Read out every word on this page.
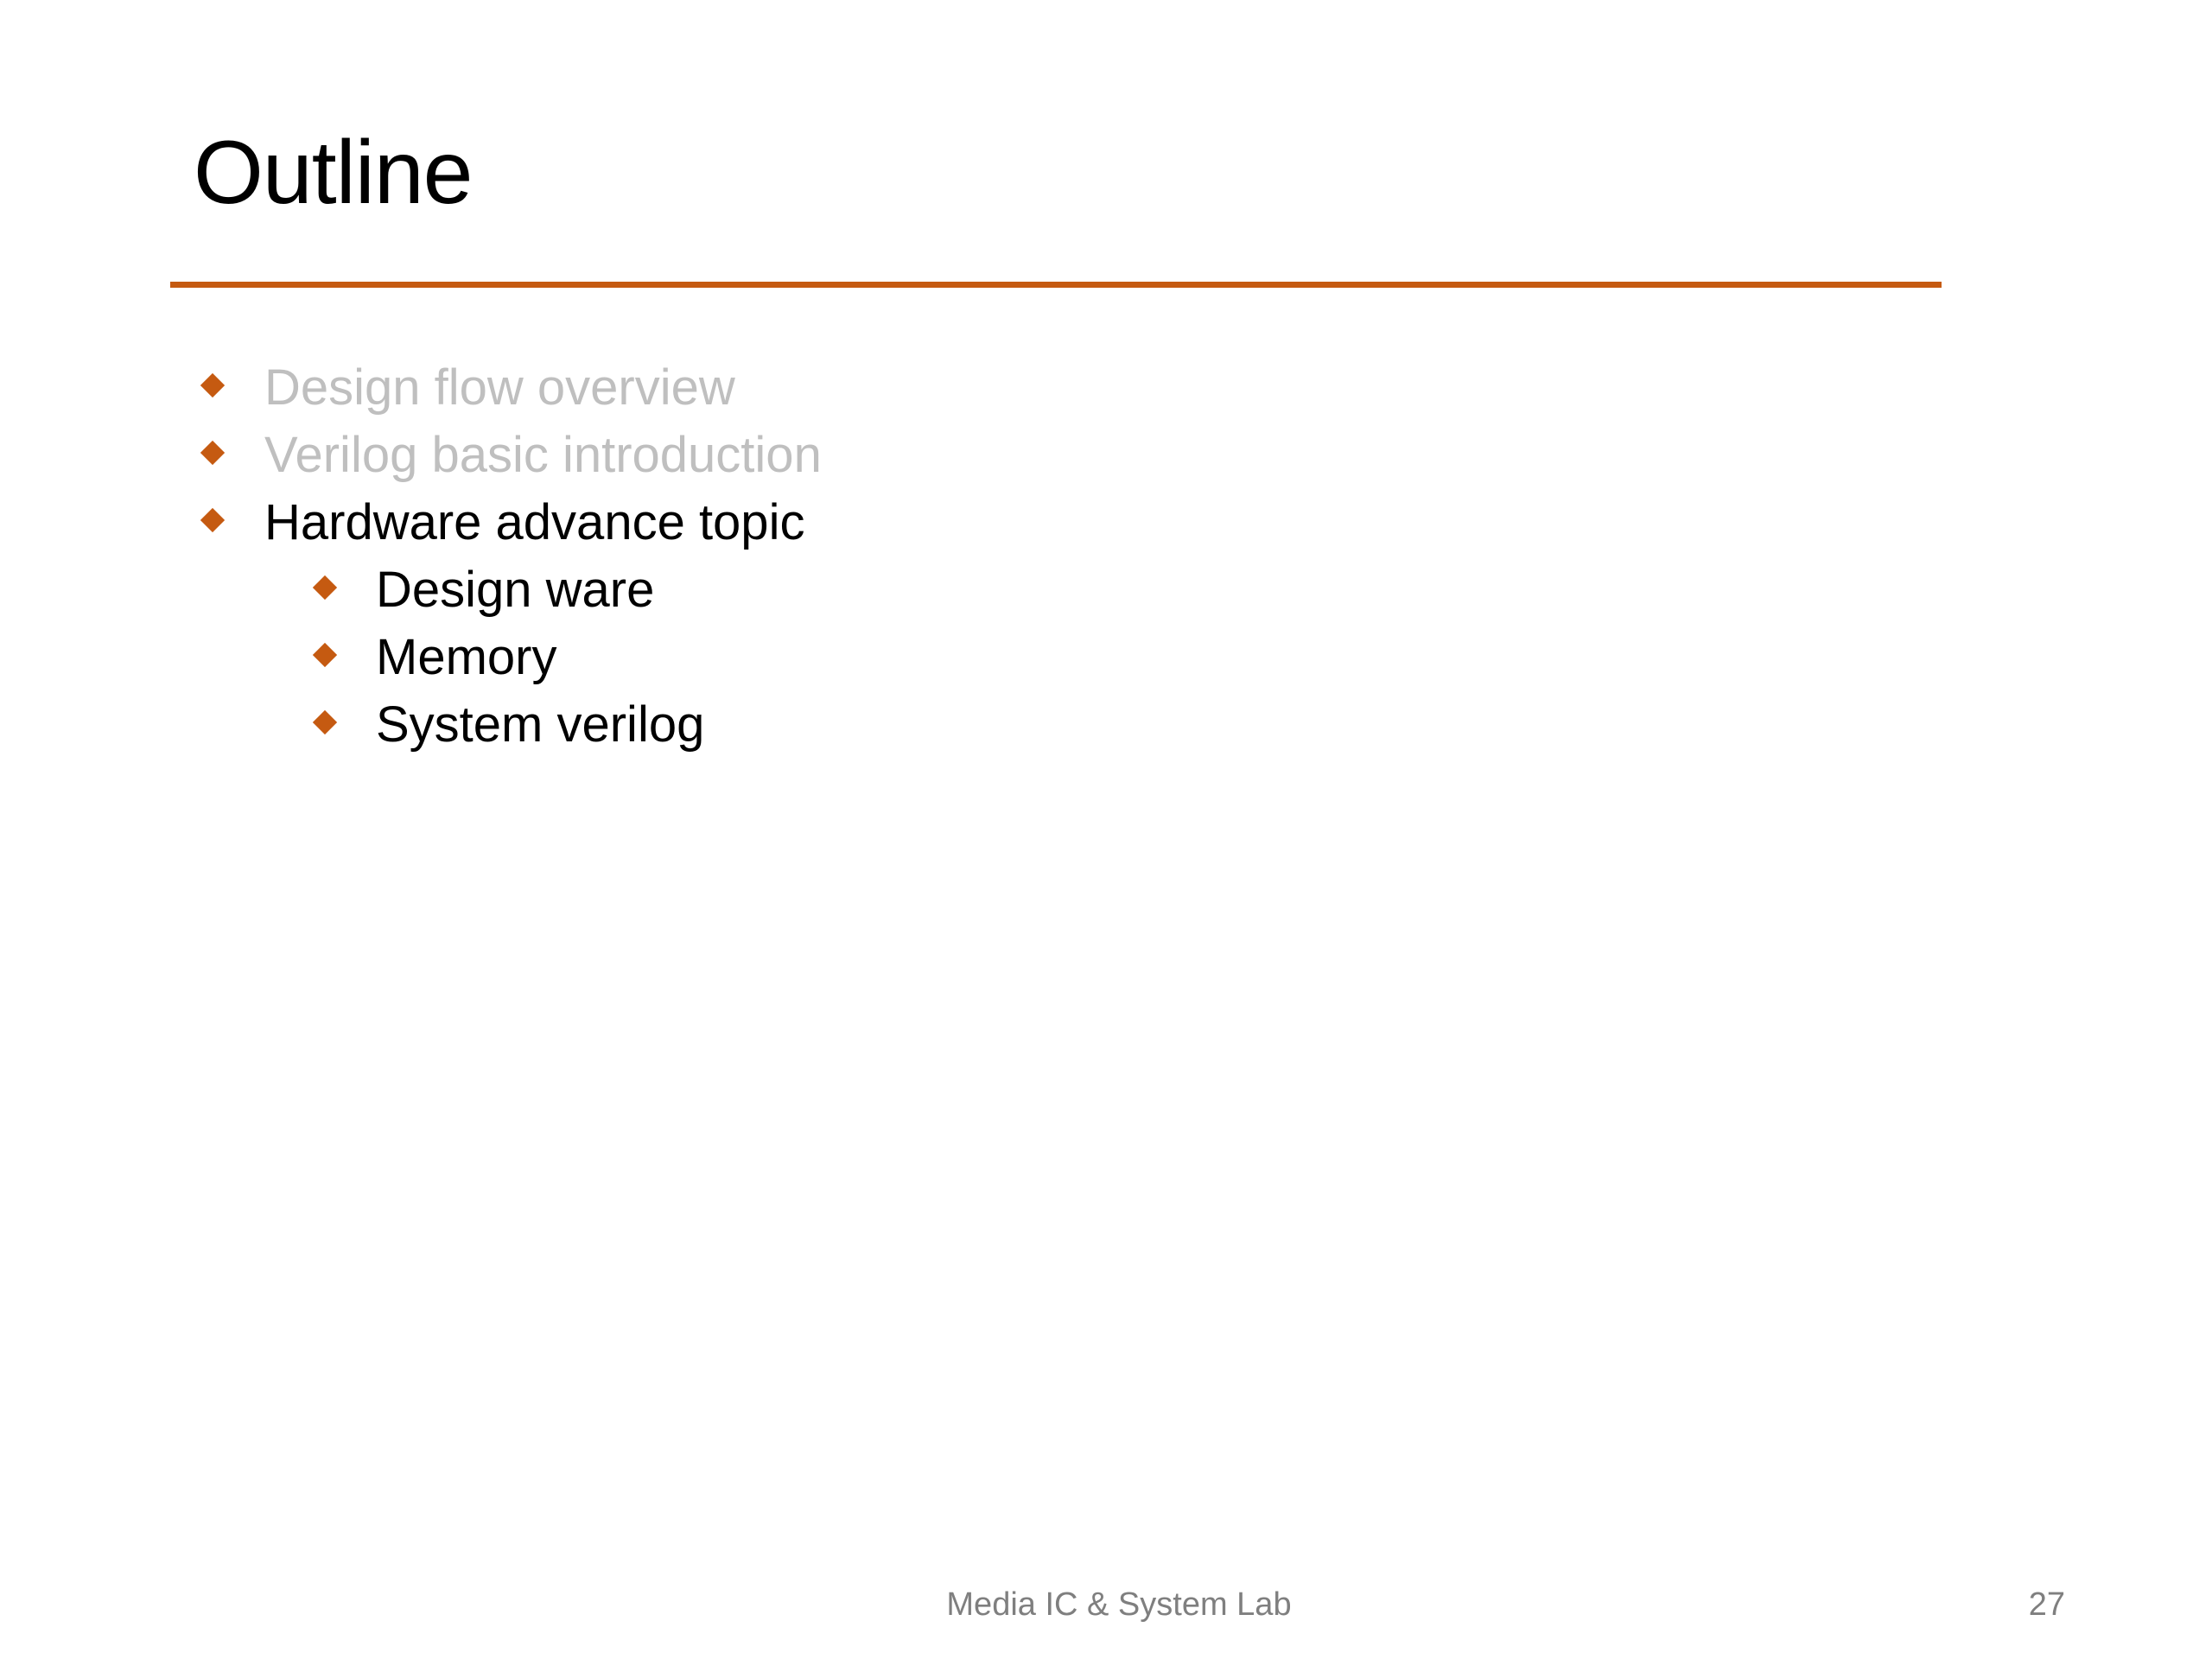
Outline
Design flow overview
Verilog basic introduction
Hardware advance topic
Design ware
Memory
System verilog
Media IC & System Lab	27
